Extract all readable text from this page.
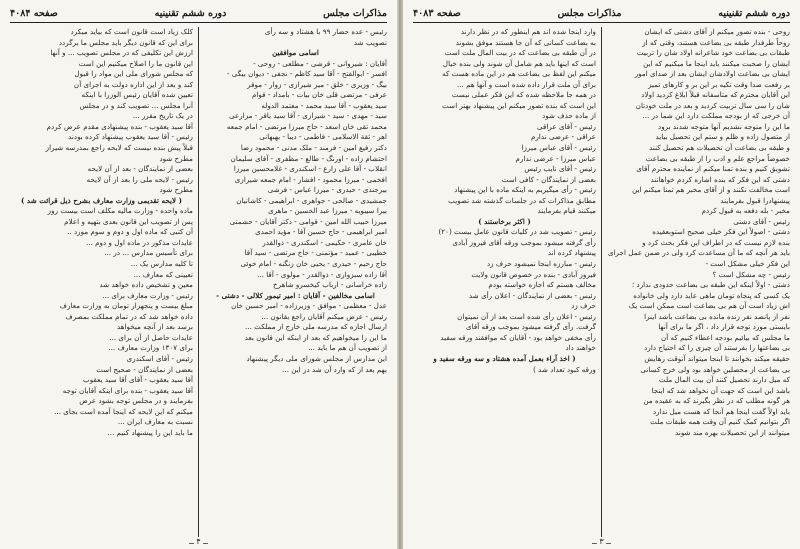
دوره ششم تقنینیه
مذاکرات مجلس
صفحه ۴۰۸۳

روحی - بنده تصور میکنم از آقای دشتی که ایشان

روحاً طرفدار طبقه بی بضاعت هستند، وقتی که از

طبقات بی بضاعت خود شاعرانه اولاد شان را تربیت

ایشان را صحبت میکنند باید اینجا ما میکنیم که این

ایشان بی بضاعت اولادشان ایشان بعد از صدای امور

بر رفعت صدا وقت تکیه بر این بر و کارهای تمیز

این آقایان محترم که متاسفانه قبلاً ابلاغ کردید اولاد

شان را سی سال تربیت کردید و بعد در ملت خودتان

آن خرجی که از بودجه مملکت دارد این شما در ...

ما این را متوجه نشدیم آنها متوجه شدند برود

از متصول زاده و ظلم و ستم این تحصیل بیاید

و طبقه بی بضاعت آن تحصیلات هم تحصیل کنند

خصوصاً مراجع علم و ادب را از طبقه بی بضاعت

تشویق کنیم و بنده تمنا میکنم از نماینده محترم آقای

دشتی که این فکر که بنده اشاره کردم خواهانند

است مخالفت نکنند و از آقای مخبر هم تمنا میکنم این

پیشنهادرا قبول بفرمایند

مخبر - بله دفعه به قبول کردم

رئیس - آقای دشتی

دشتی - اصولاً این فکر خیلی صحیح استوبعقیده

بنده لازم نیست که در اطراف این فکر بحث کرد و

باید هر آنچه که ما آن مساعدت کرد ولی در ضمن عمل اجرای

این فکر خیلی مشکل است -

رئیس - چه مشکل است ؟

دشتی - اولاً اینکه این طبقه بی بضاعت حدودی ندارد ؛

یک کسی که پنجاه تومان ماهی عاید دارد ولی خانواده

اش زیاد است آن هم بی بضاعت است ممکن است یک

نفر از پانصد نفر زنده مانده بی بضاعت باشد اینرا

بایستی مورد توجه قرار داد ، اگر ما برای آنها

ما مجلس که بیائیم بودجه اعطاء کنیم که آن

بی بضاعتها را بفرستند آن چیزی را که احتیاج دارد

حقیقه میکند بخوانند تا اینجا میتواند آنوقت رهایش

بی بضاعت از محصلین خواهد بود ولی خرج کسانی

که میل دارند تحصیل کنند آن بیت المال ملت

باشد این است که جهت آن نخواهد شد که اینجا

هر گونه مطلب که در نظر بگیرند که به عقیده من

باید اولاً گفت اینجا هم آنجا که هست میل ندارد

اگر بتوانیم کمک کنیم آن وقت همه طبقات ملت

میتوانند از این تحصیلات بهره مند شوند

وارد اینجا شده اند هم اینطور که در نظر دارند

به بضاعت کسانی که آن جا هستند موفق بشوند

در آن طبقه بی بضاعت که در بیت المال ملت است

است که اینها باید هم شامل آن شوند ولی بنده خیال

میکنم این لفظ بی بضاعت هم در این ماده هست که

برای آن ملت قرار داده شده است و آنها هم ...

در همه جا ملاحظه شده که این فکر عملی نیست

این است که بنده تصور میکنم این پیشنهاد بهتر است

از ماده حذف شود

رئیس - آقای عراقی

عراقی - عرضی ندارم

رئیس - آقای عباس میرزا

عباس میرزا - عرضی ندارم

رئیس - آقای نایب رئیس

بعضی از نمایندگان - کافی است

رئیس - رأی میگیریم به اینکه ماده با این پیشنهاد

مطابق مذاکرات که در جلسات گذشته شد تصویب

میکنند قیام بفرمایند

( اکثر برخاستند )

رئیس - تصویب شد در کلیات قانون عامل بیست (۲۰)

رأی گرفته میشود بموجب ورقه آقای فیروز آبادی

پیشنهاد کرده اند

رئیس - مبارزه اینجا نمیشود حرف زد

فیروز آبادی - بنده در خصوص قانون ولایت

مخالف هستم که اجازه خواسته بودم

رئیس - بعضی از نمایندگان - اعلان رأی شد

حرف زد

رئیس - اعلان رأی شده است بعد از آن نمیتوان

گرفت. رأی گرفته میشود بموجب ورقه آقای

رأی مخفی خواهد بود - آقایان که موافقند ورقه سفید

خواهند داد

( اخذ آراء بعمل آمده هشتاد و سه ورقه سفید و

ورقه کبود تعداد شد )

ــ ۳ ــ
مذاکرات مجلس
دوره ششم تقنینیه
صفحه ۴۰۸۴

رئیس - عده حضار ۹۹ با هشتاد و سه رأی

تصویب شد

اسامی موافقین

آقایان : شیروانی - قرشی - مطلعی - روحی -

افسر - ابوالفتح - آقا سید کاظم - نجفی - دیوان بیگی -

بیگ - وزیری - خلق - میر شیرازی - زوار - موقر

عرفی - مرتضی قلی خان بیات - بامداد - قوام

سید یعقوب - آقا سید محمد - معتمد الدوله

سید - مهدی - سید - شیرازی - آقا سید باقر - مزارعی

محمد تقی خان اسعد - حاج میرزا مرتضی - امام جمعه

اهر - ثقة الاسلامی - فاطمی - دیبا - بهبهانی

دکتر رفیع امین - فرمند - ملک مدنی - محمود رضا

احتشام زاده - اورنگ - طالع - مظفری - آقای سلیمان

انقلاب - آقا علی زارع - اسکندری - غلامحسین میرزا

افخمی - میرزا محمود - افشار - امام جمعه شیرازی

بیرجندی - حیدری - میرزا عباس - فرشی

جمشیدی - صالحی - جواهری - ابراهیمی - کاشانیان

بیرا سیبویه - میرزا عبد الحسین - ماهری

میرزا حبیب الله امین - قوامی - دکتر آقایان - حشمتی

امیر ابراهیمی - حاج حسین آقا - مؤید احمدی

خان عامری - حکیمی - اسکندری - ذوالقدر

خطیبی - عمید - مؤتمنی - حاج مرتضی - سید آقا

حاج رحیم - حیدری - یحیی خان زنگنه - امام خوئی

آقا زاده سبزواری - ذوالقدر - مولوی - آقا ...

زاده خراسانی - ارباب کیخسرو شاهرخ

اسامی مخالفین - آقایان : امیر تیمور کلالی - دشتی -

عدل - معظمی - موافق - وزیرزاده - امیر حسین خان

رئیس - عرض میکنم آقایان راجع بقانون ...

ارسال اجازه که مدرسه ملی خارج از مملکت ...

ما این را میخواهیم که بعد از اینکه این قانون بعد

از تصویب آن هم ما باید ...

این مدارس از مجلس شورای ملی دیگر پیشنهاد

بهم بعد از که وارد آن شد در این ...

کلک زیاد است قانون است که بیاید میکرد

برای این که قانون دیگر باید مجلس ما برگردد

ارزش این تکلیفی که در مجلس تصویب ... و آنها

این قانون ما را اصلاح میکنیم این است

که مجلس شورای ملی این مواد را قبول

کند و بعد از این اداره دولت به اجرای آن

تعیین شده آقایان رئیس الوزرا با اینکه

آنرا مجلس ... تصویب کند و در مجلس

در یک تاریخ مقرر ...

آقا سید یعقوب - بنده پیشنهادی مقدم عرض کردم

رئیس - آقا سید یعقوب پیشنهاد کرده بودند

قبلاً پیش بنده نیست که لایحه راجع بمدرسه شیراز

مطرح شود

بعضی از نمایندگان - بعد از آن لایحه

رئیس - لایحه ملی را بعد از آن لایحه

مطرح شود

( لایحه تقدیمی وزارت معارف بشرح ذیل قرائت شد )

ماده واحده - وزارت مالیه مکلف است بیست روز

پس از تصویب این قانون بعدی بتهیه و اعلام

آن کتبی که ماده اول و دوم و سوم مورد ..

عایدات مذکور در ماده اول و دوم ...

برای تأسیس مدارس ... در ...

تا کلیه مدارس یک ...

تعیینی که معارف ...

معین و تشخیص داده خواهد شد

رئیس - وزارت معارف برای ...

مبلغ بیست و پنجهزار تومان به وزارت معارف

داده خواهد شد که در تمام مملکت بمصرف

برسد بعد از آنچه میخواهد

عایدات حاصل از آن برای ...

برای ۱۳۰۷ وزارت معارف ...

رئیس - آقای اسکندری

بعضی از نمایندگان - صحیح است

آقا سید یعقوب - آقای آقا سید یعقوب

آقا سید یعقوب - بنده برای اینکه آقایان توجه

بفرمایند و در مجلس توجه بشود عرض

میکنم که این لایحه که اینجا آمده است بجای ...

نسبت به معارف ایران ...

ما باید این را پیشنهاد کنیم ...

ــ ۴ ــ
